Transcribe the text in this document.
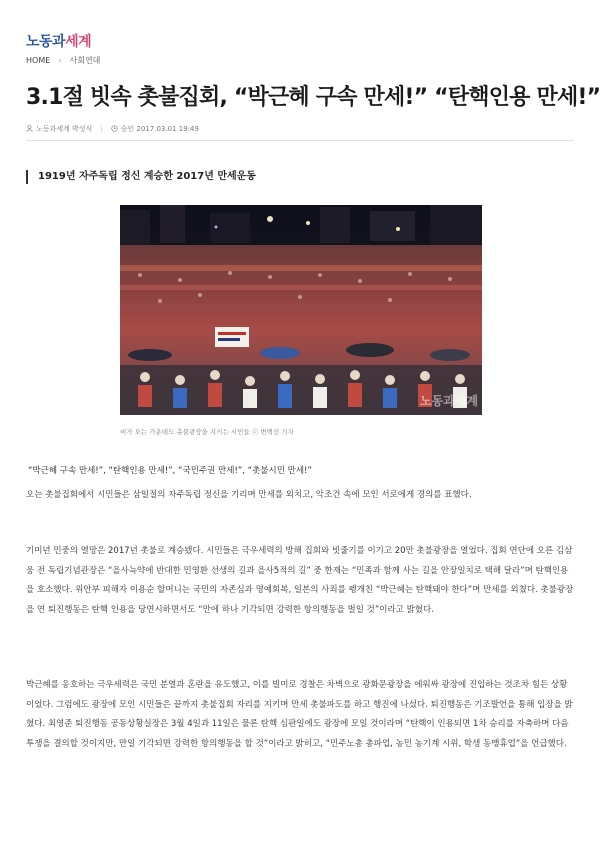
노동과세계
HOME › 사회연대
3.1절 빗속 촛불집회, “박근혜 구속 만세!” “탄핵인용 만세!”
노동과세계 박성식 |	승인 2017.03.01 19:49
1919년 자주독립 정신 계승한 2017년 만세운동
노동과세계
비가 오는 가운데도 촛불광장을 지키는 시민들 ⓒ 변백선 기자
“박근혜 구속 만세!”, “탄핵인용 만세!”, “국민주권 만세!”, “촛불시민 만세!”
오는 촛불집회에서 시민들은 삼일절의 자주독립 정신을 기리며 만세를 외치고, 악조건 속에 모인 서로에게 경의를 표했다.
기미년 민중의 열망은 2017년 촛불로 계승됐다. 시민들은 극우세력의 방해 집회와 빗줄기를 이기고 20만 촛불광장을 열었다. 집회 연단에 오른 김삼웅 전 독립기념관장은 “을사늑약에 반대한 민영환 선생의 길과 을사5적의 길” 중 한재는 “민족과 함께 사는 길을 안장일치로 택해 달라”며 탄핵인용을 호소했다. 위안부 피해자 이용순 할머니는 국민의 자존심과 명예회복, 일본의 사죄를 펭개친 “박근혜는 탄핵돼야 한다”며 만세를 외쳤다. 촛불광장을 연 퇴진행동은 탄핵 인용을 당연시하면서도 “만에 하나 기각되면 강력한 항의행동을 벌일 것”이라고 밝혔다.
박근혜를 옹호하는 극우세력은 국민 분열과 혼란을 유도했고, 이를 빌미로 경찰은 차벽으로 광화문광장을 에워싸 광장에 진입하는 것조차 힘든 상황이었다. 그럼에도 광장에 모인 시민들은 끝까지 촛불집회 자리를 지키며 만세 촛불파도를 하고 행진에 나섰다. 퇴진행동은 기조발언을 통해 입장을 밝혔다. 최영준 퇴진행동 공동상황실장은 3월 4일과 11일은 물론 탄핵 심판일에도 광장에 모일 것이라며 “탄핵이 인용되면 1차 승리를 자축하며 다음 투쟁을 결의할 것이지만, 만일 기각되면 강력한 항의행동을 할 것”이라고 밝히고, “민주노총 총파업, 농민 농기계 시위, 학생 동맹휴업”을 언급했다.
